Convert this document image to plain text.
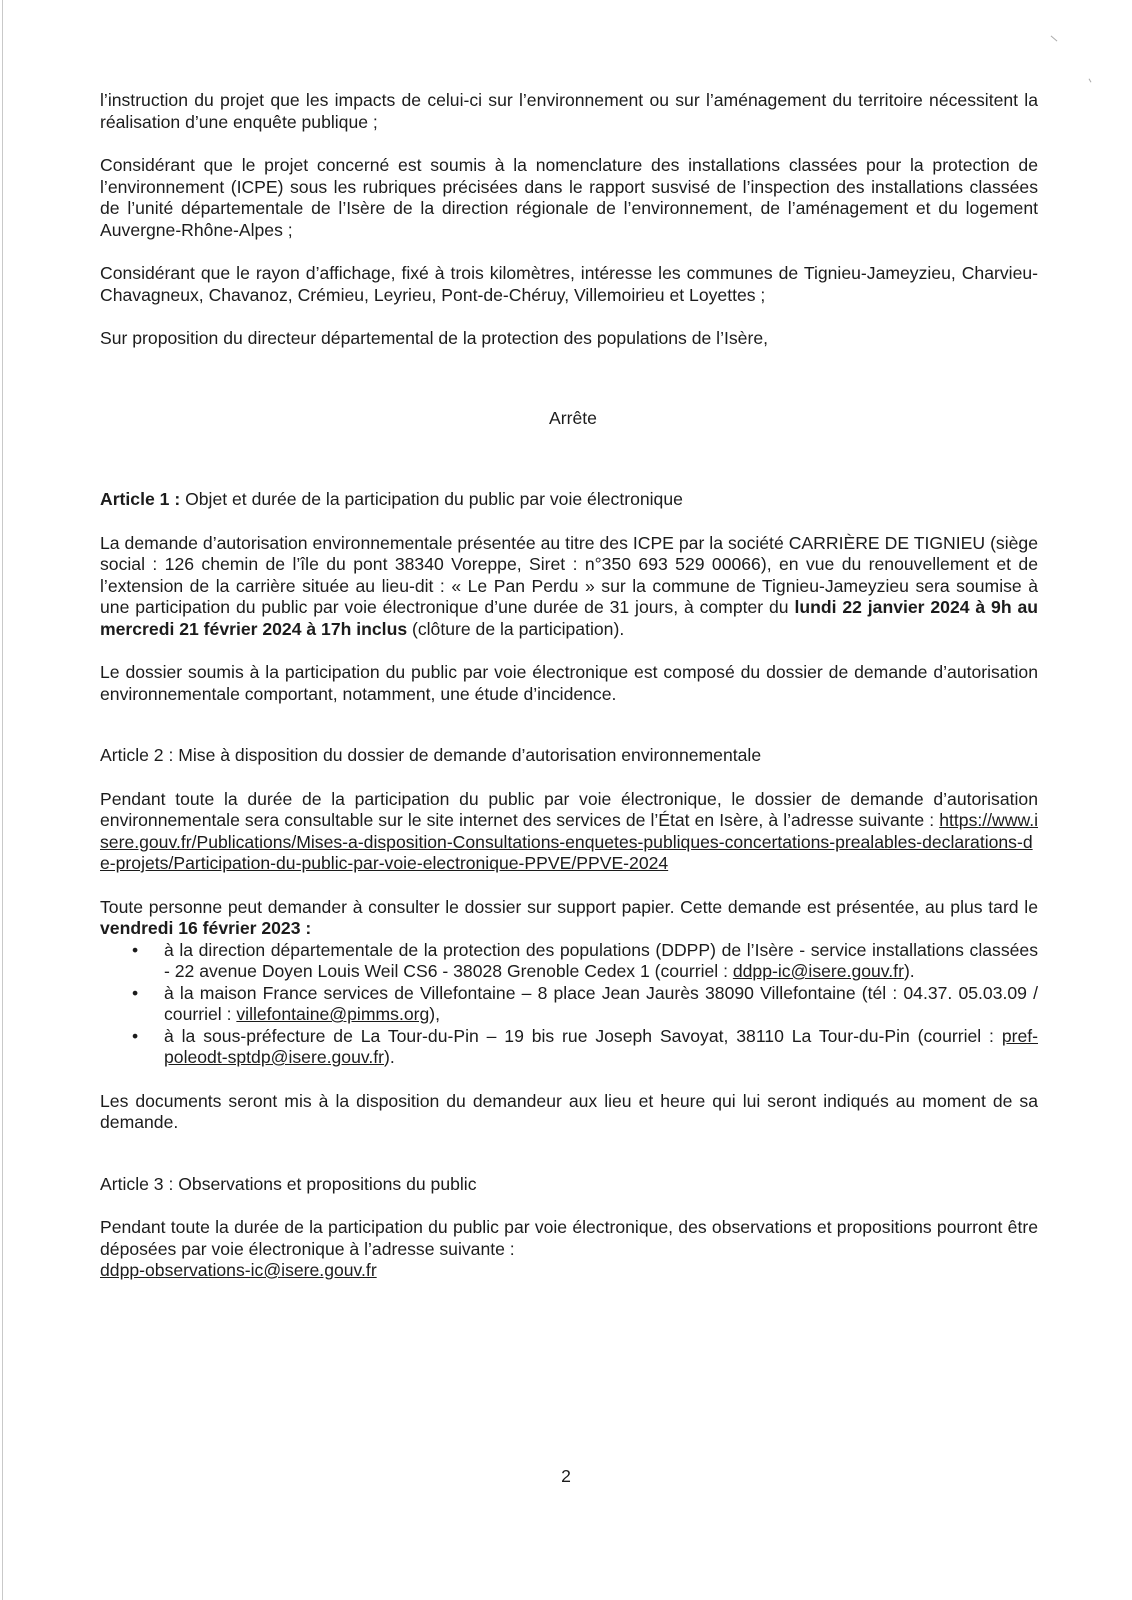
l’instruction du projet que les impacts de celui-ci sur l’environnement ou sur l’aménagement du territoire nécessitent la réalisation d’une enquête publique ;

Considérant que le projet concerné est soumis à la nomenclature des installations classées pour la protection de l’environnement (ICPE) sous les rubriques précisées dans le rapport susvisé de l’inspection des installations classées de l’unité départementale de l’Isère de la direction régionale de l’environnement, de l’aménagement et du logement Auvergne-Rhône-Alpes ;

Considérant que le rayon d’affichage, fixé à trois kilomètres, intéresse les communes de Tignieu-Jameyzieu, Charvieu-Chavagneux, Chavanoz, Crémieu, Leyrieu, Pont-de-Chéruy, Villemoirieu et Loyettes ;

Sur proposition du directeur départemental de la protection des populations de l’Isère,

Arrête

Article 1 : Objet et durée de la participation du public par voie électronique

La demande d’autorisation environnementale présentée au titre des ICPE par la société CARRIÈRE DE TIGNIEU (siège social : 126 chemin de l’île du pont 38340 Voreppe, Siret : n°350 693 529 00066), en vue du renouvellement et de l’extension de la carrière située au lieu-dit : « Le Pan Perdu » sur la commune de Tignieu-Jameyzieu sera soumise à une participation du public par voie électronique d’une durée de 31 jours, à compter du lundi 22 janvier 2024 à 9h au mercredi 21 février 2024 à 17h inclus (clôture de la participation).

Le dossier soumis à la participation du public par voie électronique est composé du dossier de demande d’autorisation environnementale comportant, notamment, une étude d’incidence.

Article 2 : Mise à disposition du dossier de demande d’autorisation environnementale

Pendant toute la durée de la participation du public par voie électronique, le dossier de demande d’autorisation environnementale sera consultable sur le site internet des services de l’État en Isère, à l’adresse suivante : https://www.isere.gouv.fr/Publications/Mises-a-disposition-Consultations-enquetes-publiques-concertations-prealables-declarations-de-projets/Participation-du-public-par-voie-electronique-PPVE/PPVE-2024

Toute personne peut demander à consulter le dossier sur support papier. Cette demande est présentée, au plus tard le vendredi 16 février 2023 :

• à la direction départementale de la protection des populations (DDPP) de l’Isère - service installations classées - 22 avenue Doyen Louis Weil CS6 - 38028 Grenoble Cedex 1 (courriel : ddpp-ic@isere.gouv.fr).
• à la maison France services de Villefontaine – 8 place Jean Jaurès 38090 Villefontaine (tél : 04.37. 05.03.09 / courriel : villefontaine@pimms.org),
• à la sous-préfecture de La Tour-du-Pin – 19 bis rue Joseph Savoyat, 38110 La Tour-du-Pin (courriel : pref-poleodt-sptdp@isere.gouv.fr).

Les documents seront mis à la disposition du demandeur aux lieu et heure qui lui seront indiqués au moment de sa demande.

Article 3 : Observations et propositions du public

Pendant toute la durée de la participation du public par voie électronique, des observations et propositions pourront être déposées par voie électronique à l’adresse suivante :

ddpp-observations-ic@isere.gouv.fr

2
